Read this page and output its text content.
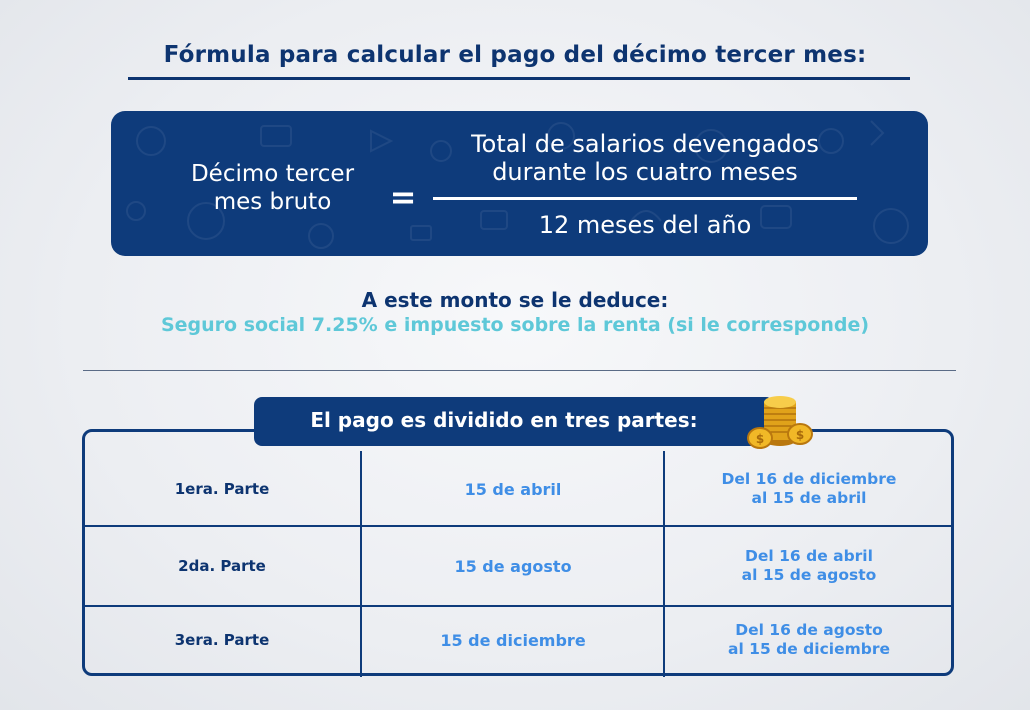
Fórmula para calcular el pago del décimo tercer mes:
Décimo tercer
mes bruto	=
Total de salarios devengados
durante los cuatro meses
12 meses del año
A este monto se le deduce:
Seguro social 7.25% e impuesto sobre la renta (si le corresponde)
El pago es dividido en tres partes:
$	$
1era. Parte	15 de abril
Del 16 de diciembre
al 15 de abril
2da. Parte	15 de agosto
Del 16 de abril
al 15 de agosto
3era. Parte	15 de diciembre
Del 16 de agosto
al 15 de diciembre
